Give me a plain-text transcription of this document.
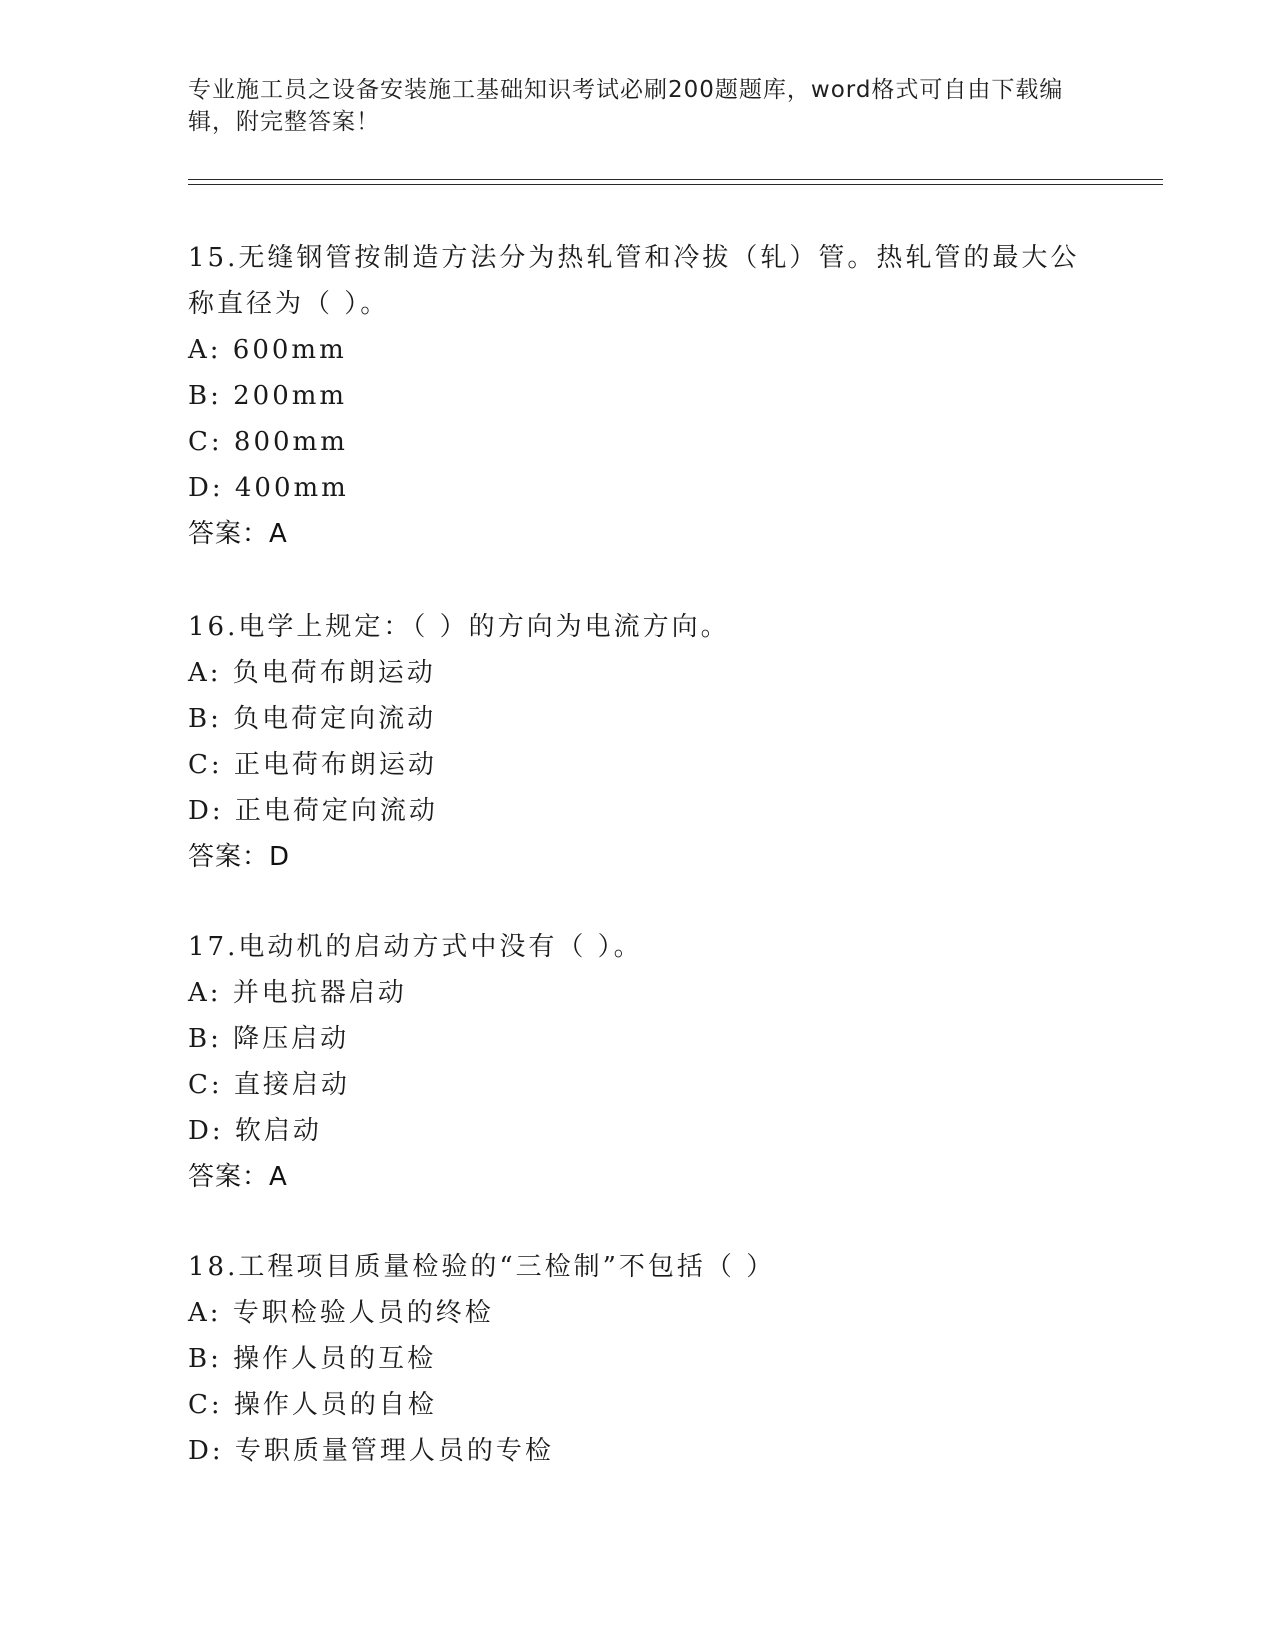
专业施工员之设备安装施工基础知识考试必刷200题题库，word格式可自由下载编辑，附完整答案！
15.无缝钢管按制造方法分为热轧管和冷拔（轧）管。热轧管的最大公称直径为（ ）。
A: 600mm
B: 200mm
C: 800mm
D: 400mm
答案：A
16.电学上规定：（ ）的方向为电流方向。
A: 负电荷布朗运动
B: 负电荷定向流动
C: 正电荷布朗运动
D: 正电荷定向流动
答案：D
17.电动机的启动方式中没有（ ）。
A: 并电抗器启动
B: 降压启动
C: 直接启动
D: 软启动
答案：A
18.工程项目质量检验的“三检制”不包括（ ）
A: 专职检验人员的终检
B: 操作人员的互检
C: 操作人员的自检
D: 专职质量管理人员的专检
